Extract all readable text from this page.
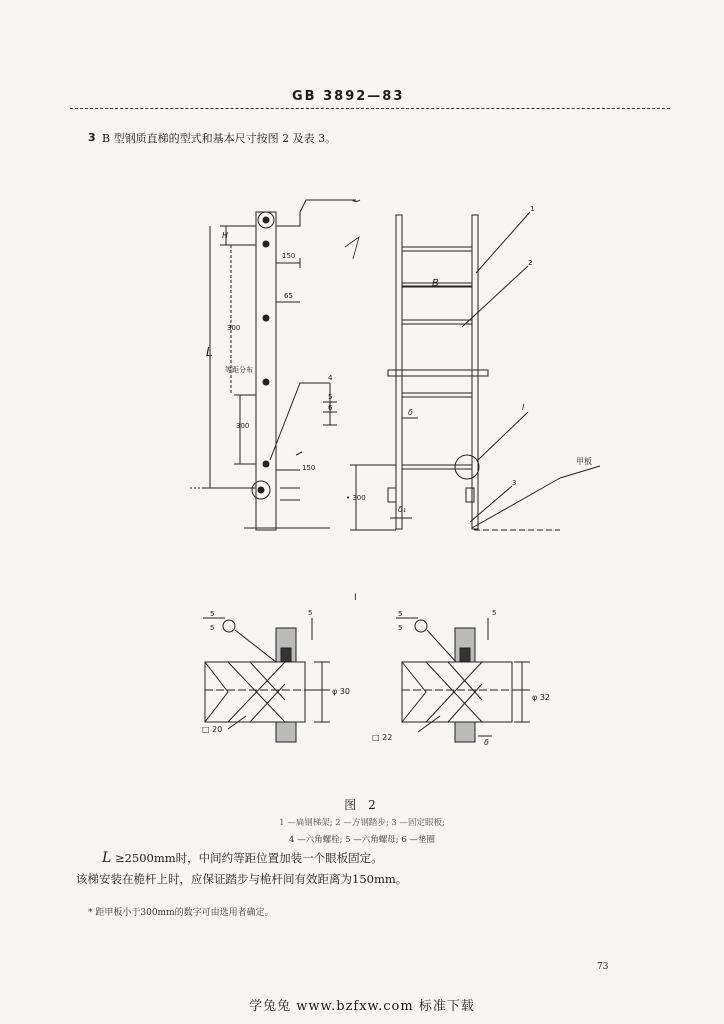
GB 3892—83
3 B 型钢质直梯的型式和基本尺寸按图 2 及表 3。
H
L
等距分布
300
300
150
65
150
4
5
6
B
δ
δ₁
• 300
1
2
I
3
甲板
I
5
5
5
φ 30
□ 20
5
5
5
φ 32
□ 22
δ
图 2
1 —扁钢梯架; 2 —方钢踏步; 3 —固定眼板;
4 —六角螺栓; 5 —六角螺母; 6 —垫圈
L ≥2500mm时，中间约等距位置加装一个眼板固定。
该梯安装在桅杆上时，应保证踏步与桅杆间有效距离为150mm。
* 距甲板小于300mm的数字可由选用者确定。
73
学兔兔 www.bzfxw.com 标准下载
